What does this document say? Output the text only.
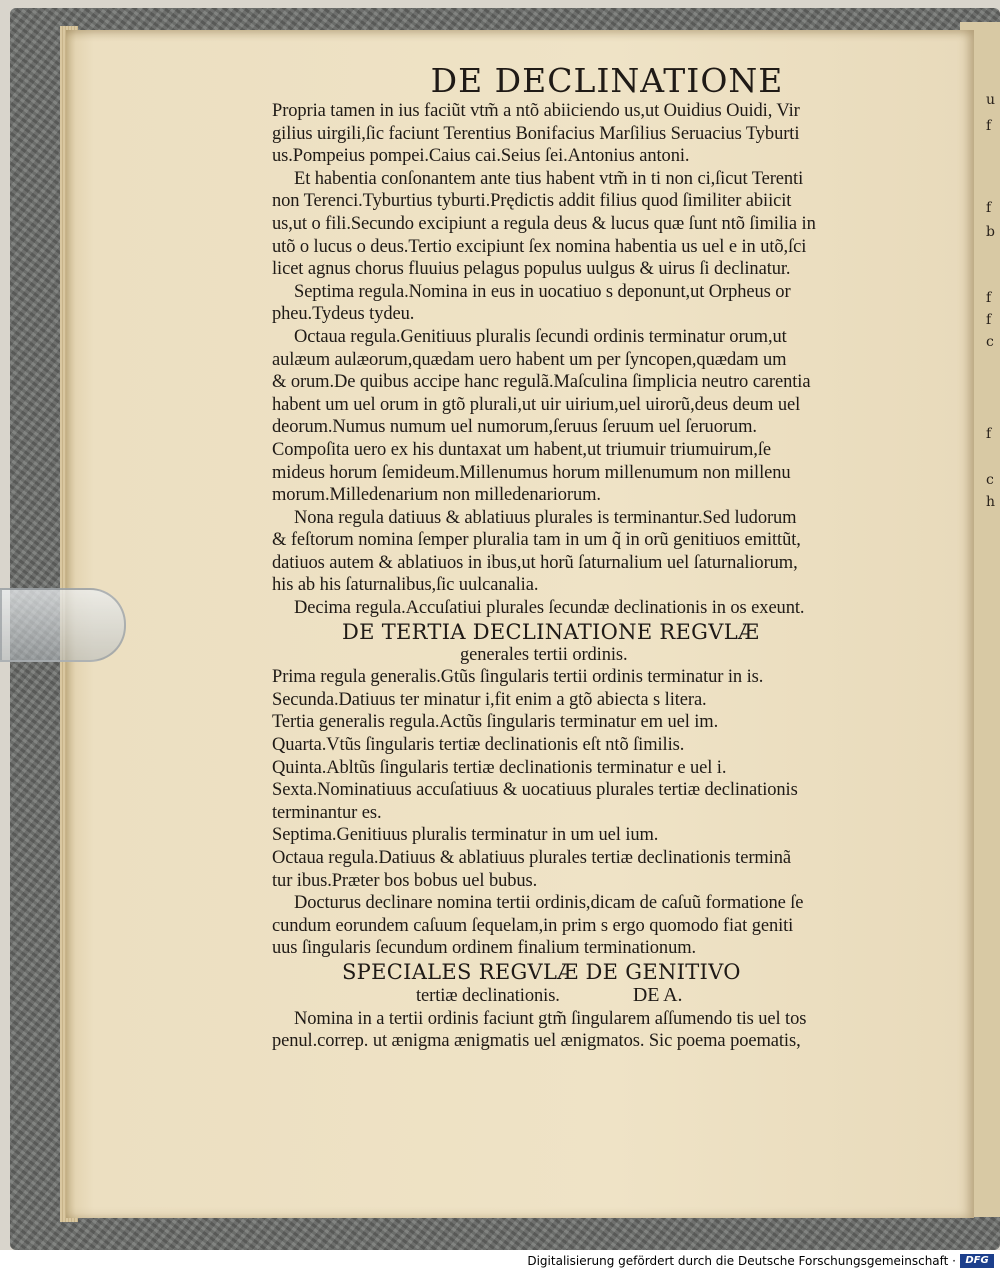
u
f
f
b
f
f
c
f
c
h
DE DECLINATIONE
Propria tamen in ius faciũt vtm̃ a ntõ abiiciendo us,ut Ouidius Ouidi, Vir
gilius uirgili,ſic faciunt Terentius Bonifacius Marſilius Seruacius Tyburti
us.Pompeius pompei.Caius cai.Seius ſei.Antonius antoni.
Et habentia conſonantem ante tius habent vtm̃ in ti non ci,ſicut Terenti
non Terenci.Tyburtius tyburti.Prędictis addit filius quod ſimiliter abiicit
us,ut o fili.Secundo excipiunt a regula deus & lucus quæ ſunt ntõ ſimilia in
utõ o lucus o deus.Tertio excipiunt ſex nomina habentia us uel e in utõ,ſci
licet agnus chorus fluuius pelagus populus uulgus & uirus ſi declinatur.
Septima regula.Nomina in eus in uocatiuo s deponunt,ut Orpheus or
pheu.Tydeus tydeu.
Octaua regula.Genitiuus pluralis ſecundi ordinis terminatur orum,ut
aulæum aulæorum,quædam uero habent um per ſyncopen,quædam um
& orum.De quibus accipe hanc regulã.Maſculina ſimplicia neutro carentia
habent um uel orum in gtõ plurali,ut uir uirium,uel uirorũ,deus deum uel
deorum.Numus numum uel numorum,ſeruus ſeruum uel ſeruorum.
Compoſita uero ex his duntaxat um habent,ut triumuir triumuirum,ſe
mideus horum ſemideum.Millenumus horum millenumum non millenu
morum.Milledenarium non milledenariorum.
Nona regula datiuus & ablatiuus plurales is terminantur.Sed ludorum
& feſtorum nomina ſemper pluralia tam in um q̃ in orũ genitiuos emittũt,
datiuos autem & ablatiuos in ibus,ut horũ ſaturnalium uel ſaturnaliorum,
his ab his ſaturnalibus,ſic uulcanalia.
Decima regula.Accuſatiui plurales ſecundæ declinationis in os exeunt.
DE TERTIA DECLINATIONE REGVLÆ
generales tertii ordinis.
Prima regula generalis.Gtũs ſingularis tertii ordinis terminatur in is.
Secunda.Datiuus ter minatur i,fit enim a gtõ abiecta s litera.
Tertia generalis regula.Actũs ſingularis terminatur em uel im.
Quarta.Vtũs ſingularis tertiæ declinationis eſt ntõ ſimilis.
Quinta.Abltũs ſingularis tertiæ declinationis terminatur e uel i.
Sexta.Nominatiuus accuſatiuus & uocatiuus plurales tertiæ declinationis
terminantur es.
Septima.Genitiuus pluralis terminatur in um uel ium.
Octaua regula.Datiuus & ablatiuus plurales tertiæ declinationis terminã
tur ibus.Præter bos bobus uel bubus.
Docturus declinare nomina tertii ordinis,dicam de caſuũ formatione ſe
cundum eorundem caſuum ſequelam,in prim s ergo quomodo fiat geniti
uus ſingularis ſecundum ordinem finalium terminationum.
SPECIALES REGVLÆ DE GENITIVO
tertiæ declinationis.	DE A.
Nomina in a tertii ordinis faciunt gtm̃ ſingularem aſſumendo tis uel tos
penul.correp. ut ænigma ænigmatis uel ænigmatos. Sic poema poematis,
Digitalisierung gefördert durch die Deutsche Forschungsgemeinschaft · DFG
